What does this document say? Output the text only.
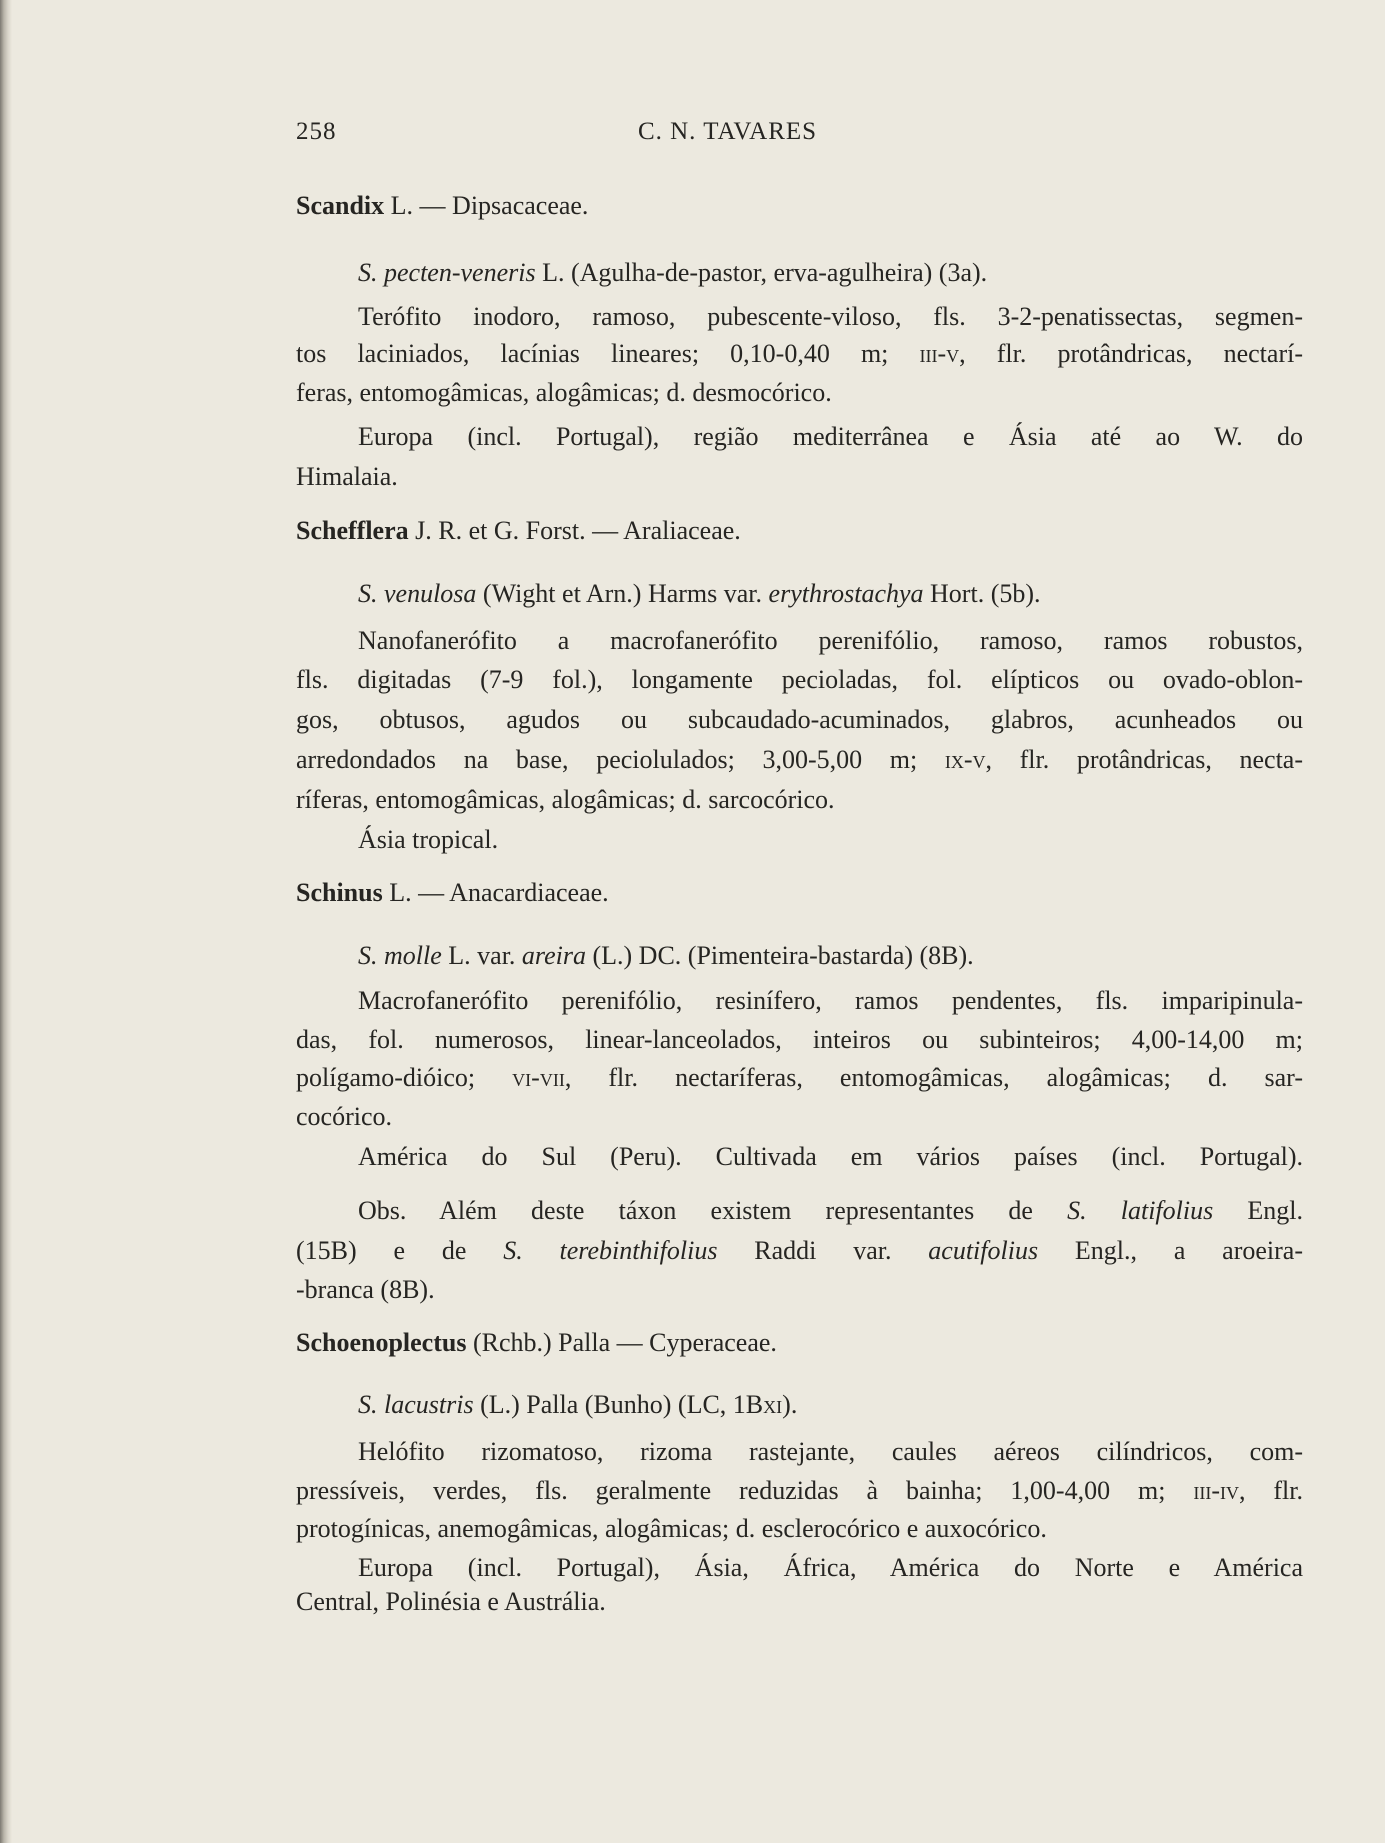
258	C. N. TAVARES
Scandix L. — Dipsacaceae.
S. pecten-veneris L. (Agulha-de-pastor, erva-agulheira) (3a).
Terófito inodoro, ramoso, pubescente-viloso, fls. 3-2-penatissectas, segmen-
tos laciniados, lacínias lineares; 0,10-0,40 m; iii-v, flr. protândricas, nectarí-
feras, entomogâmicas, alogâmicas; d. desmocórico.
Europa (incl. Portugal), região mediterrânea e Ásia até ao W. do
Himalaia.
Schefflera J. R. et G. Forst. — Araliaceae.
S. venulosa (Wight et Arn.) Harms var. erythrostachya Hort. (5b).
Nanofanerófito a macrofanerófito perenifólio, ramoso, ramos robustos,
fls. digitadas (7-9 fol.), longamente pecioladas, fol. elípticos ou ovado-oblon-
gos, obtusos, agudos ou subcaudado-acuminados, glabros, acunheados ou
arredondados na base, peciolulados; 3,00-5,00 m; ix-v, flr. protândricas, necta-
ríferas, entomogâmicas, alogâmicas; d. sarcocórico.
Ásia tropical.
Schinus L. — Anacardiaceae.
S. molle L. var. areira (L.) DC. (Pimenteira-bastarda) (8B).
Macrofanerófito perenifólio, resinífero, ramos pendentes, fls. imparipinula-
das, fol. numerosos, linear-lanceolados, inteiros ou subinteiros; 4,00-14,00 m;
polígamo-dióico; vi-vii, flr. nectaríferas, entomogâmicas, alogâmicas; d. sar-
cocórico.
América do Sul (Peru). Cultivada em vários países (incl. Portugal).
Obs. Além deste táxon existem representantes de S. latifolius Engl.
(15B) e de S. terebinthifolius Raddi var. acutifolius Engl., a aroeira-
-branca (8B).
Schoenoplectus (Rchb.) Palla — Cyperaceae.
S. lacustris (L.) Palla (Bunho) (LC, 1Bxi).
Helófito rizomatoso, rizoma rastejante, caules aéreos cilíndricos, com-
pressíveis, verdes, fls. geralmente reduzidas à bainha; 1,00-4,00 m; iii-iv, flr.
protogínicas, anemogâmicas, alogâmicas; d. esclerocórico e auxocórico.
Europa (incl. Portugal), Ásia, África, América do Norte e América
Central, Polinésia e Austrália.
